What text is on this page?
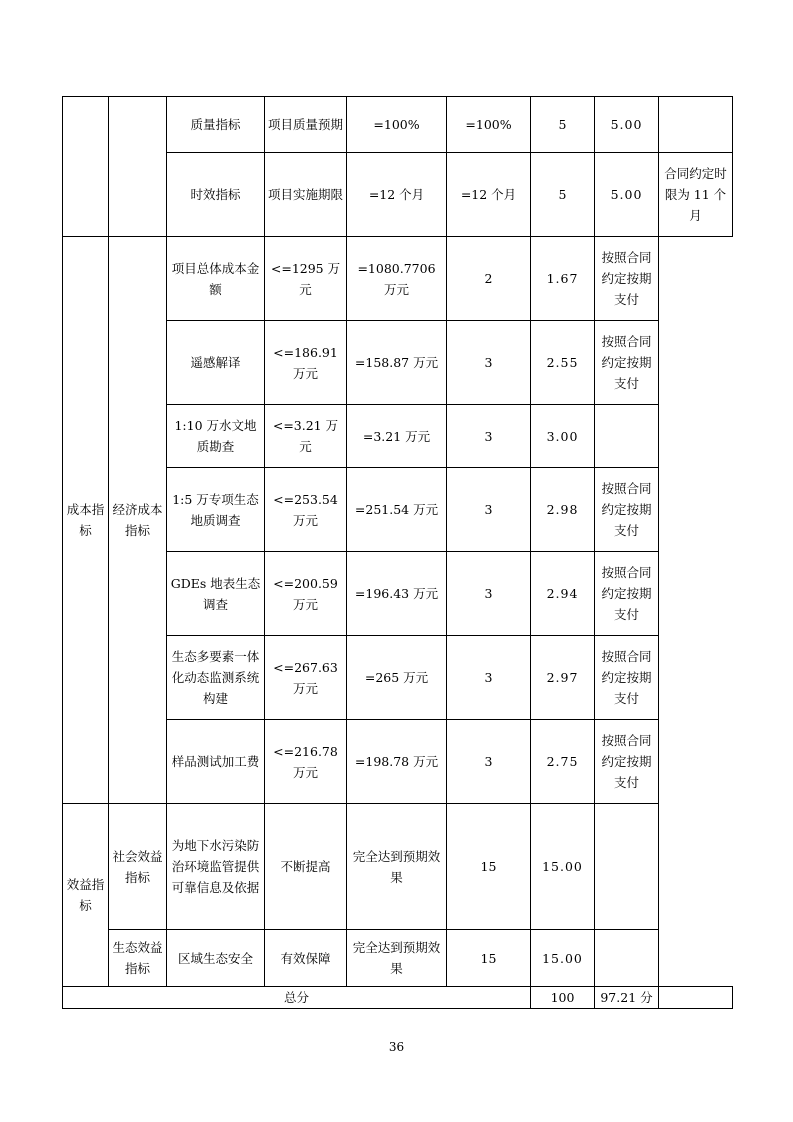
		质量指标	项目质量预期	=100%	=100%	5	5.00	
		时效指标	项目实施期限	=12 个月	=12 个月	5	5.00	合同约定时限为 11 个月
成本指标	经济成本指标	项目总体成本金额	<=1295 万元	=1080.7706 万元	2	1.67	按照合同约定按期支付	
		遥感解译	<=186.91 万元	=158.87 万元	3	2.55	按照合同约定按期支付	
		1:10 万水文地质勘查	<=3.21 万元	=3.21 万元	3	3.00		
		1:5 万专项生态地质调查	<=253.54 万元	=251.54 万元	3	2.98	按照合同约定按期支付	
		GDEs 地表生态调查	<=200.59 万元	=196.43 万元	3	2.94	按照合同约定按期支付	
		生态多要素一体化动态监测系统构建	<=267.63 万元	=265 万元	3	2.97	按照合同约定按期支付	
		样品测试加工费	<=216.78 万元	=198.78 万元	3	2.75	按照合同约定按期支付	
效益指标	社会效益指标	为地下水污染防治环境监管提供可靠信息及依据	不断提高	完全达到预期效果	15	15.00		
	生态效益指标	区域生态安全	有效保障	完全达到预期效果	15	15.00		
总分						100	97.21 分	
36
